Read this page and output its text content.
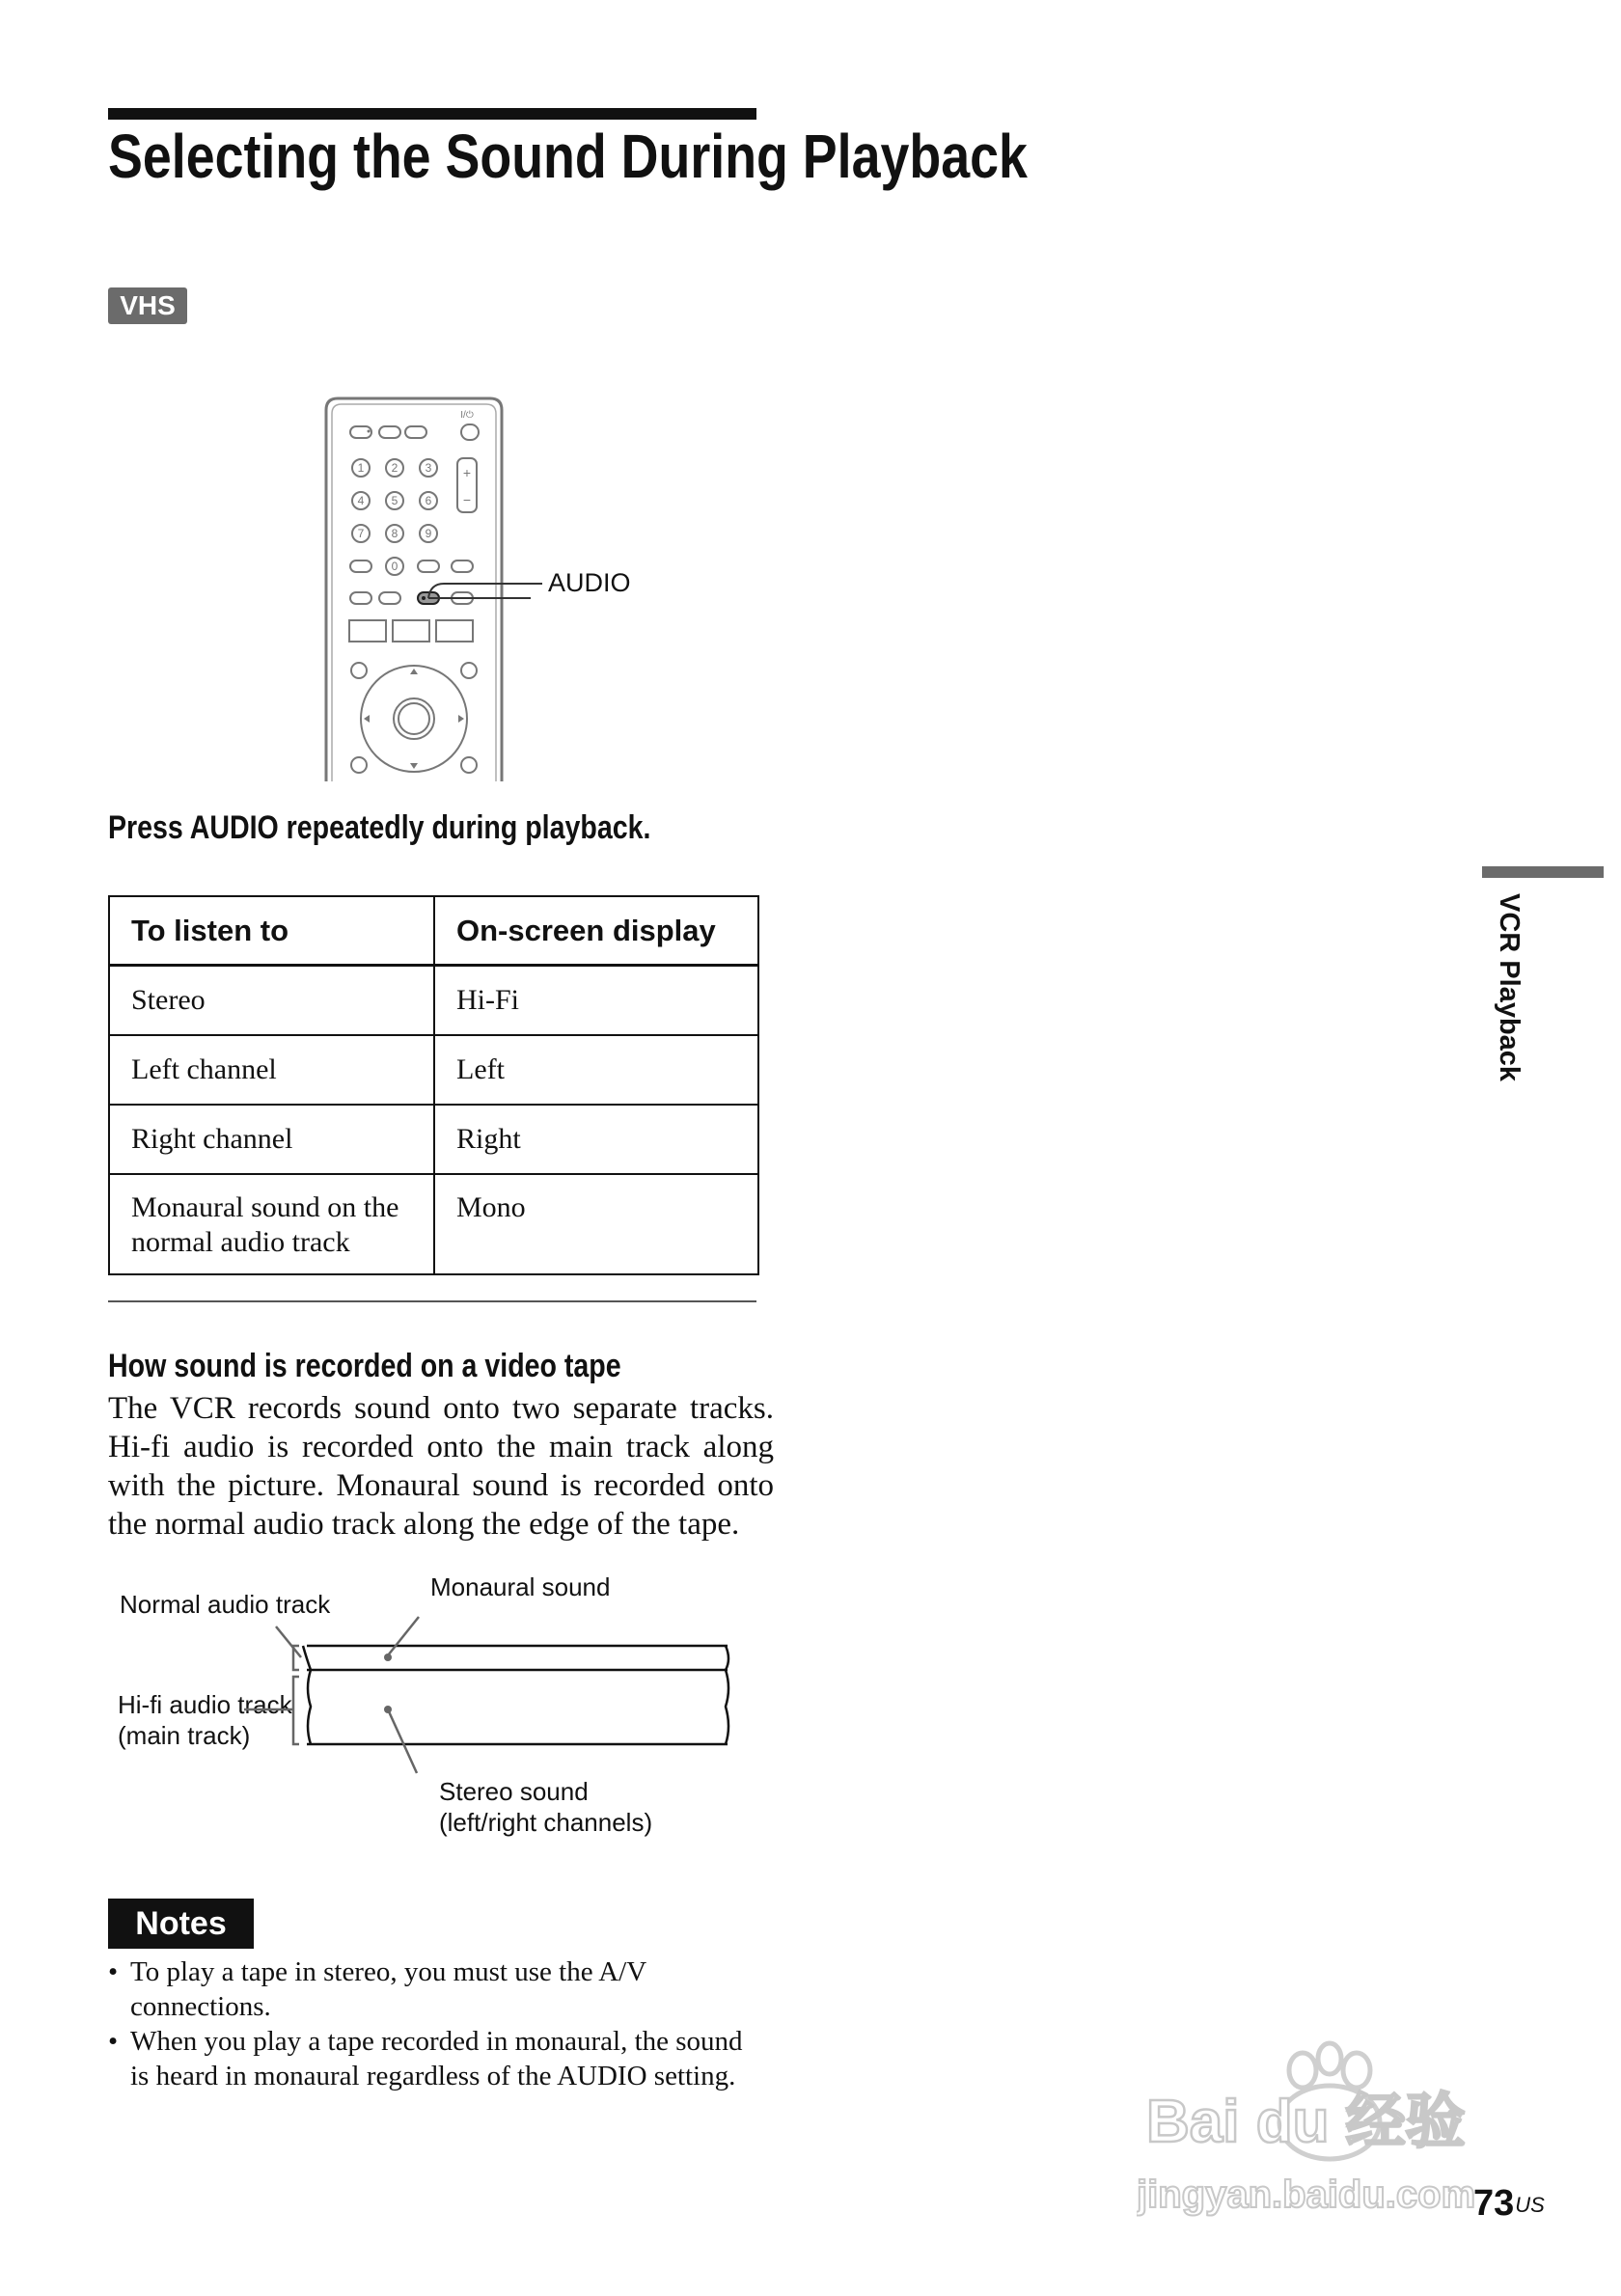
Selecting the Sound During Playback
VHS
1 2 3
4 5 6
7 8 9
0
I/⏻
+
−
AUDIO
Press AUDIO repeatedly during playback.
To listen to	On-screen display
Stereo	Hi-Fi
Left channel	Left
Right channel	Right
Monaural sound on the normal audio track	Mono
How sound is recorded on a video tape
The VCR records sound onto two separate tracks. Hi-fi audio is recorded onto the main track along with the picture. Monaural sound is recorded onto the normal audio track along the edge of the tape.
Normal audio track
Monaural sound
Hi-fi audio track
(main track)
Stereo sound
(left/right channels)
Notes
• To play a tape in stereo, you must use the A/V connections.
• When you play a tape recorded in monaural, the sound is heard in monaural regardless of the AUDIO setting.
VCR Playback
Bai du 经验
jingyan.baidu.com
$73^{US}$
